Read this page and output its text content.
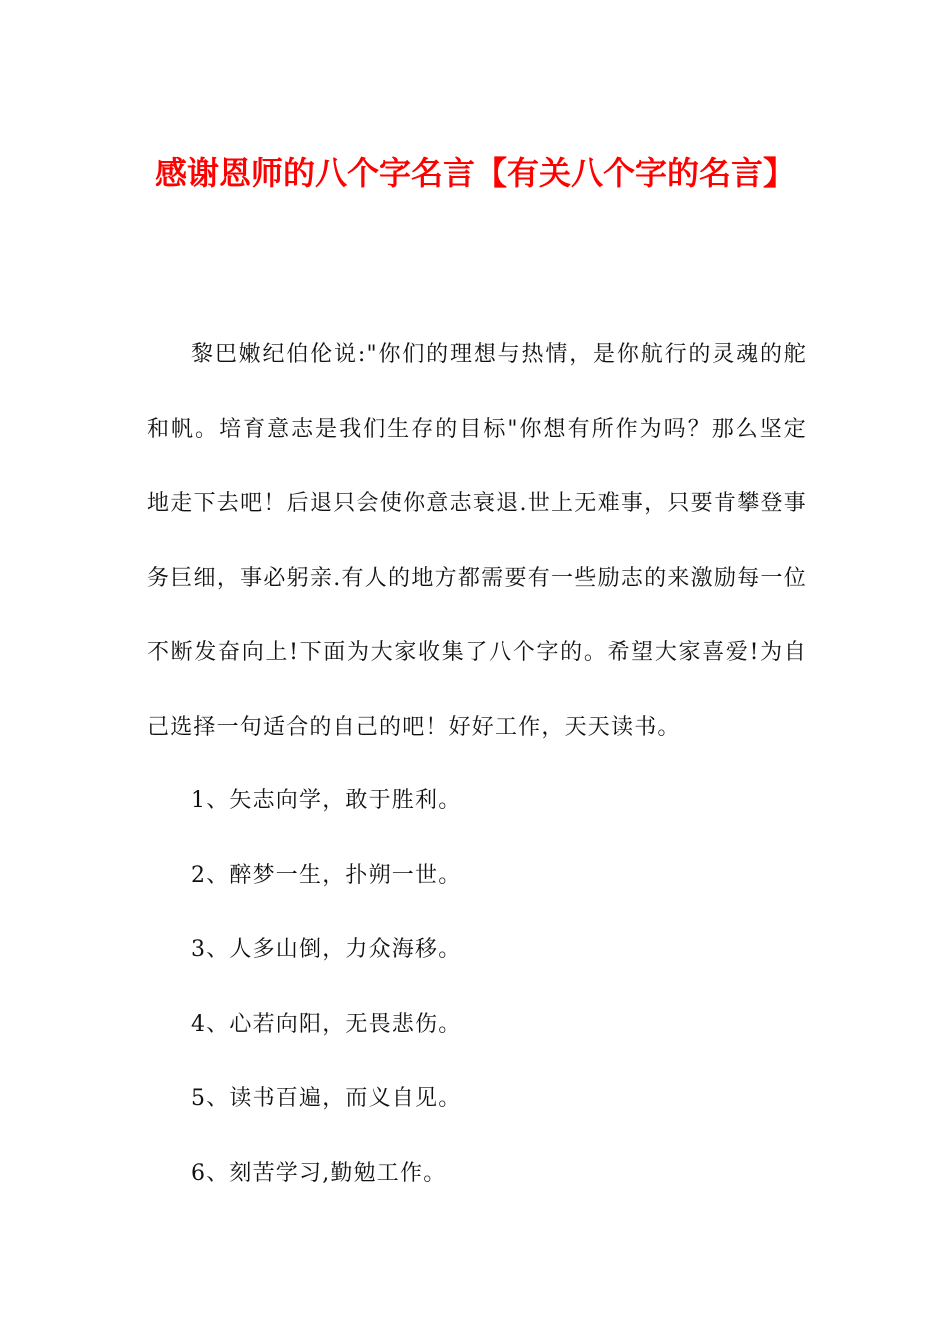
感谢恩师的八个字名言【有关八个字的名言】

黎巴嫩纪伯伦说:"你们的理想与热情，是你航行的灵魂的舵和帆。培育意志是我们生存的目标"你想有所作为吗？那么坚定地走下去吧！后退只会使你意志衰退.世上无难事，只要肯攀登事务巨细，事必躬亲.有人的地方都需要有一些励志的来激励每一位不断发奋向上!下面为大家收集了八个字的。希望大家喜爱!为自己选择一句适合的自己的吧！好好工作，天天读书。

1、矢志向学，敢于胜利。
2、醉梦一生，扑朔一世。
3、人多山倒，力众海移。
4、心若向阳，无畏悲伤。
5、读书百遍，而义自见。
6、刻苦学习,勤勉工作。
